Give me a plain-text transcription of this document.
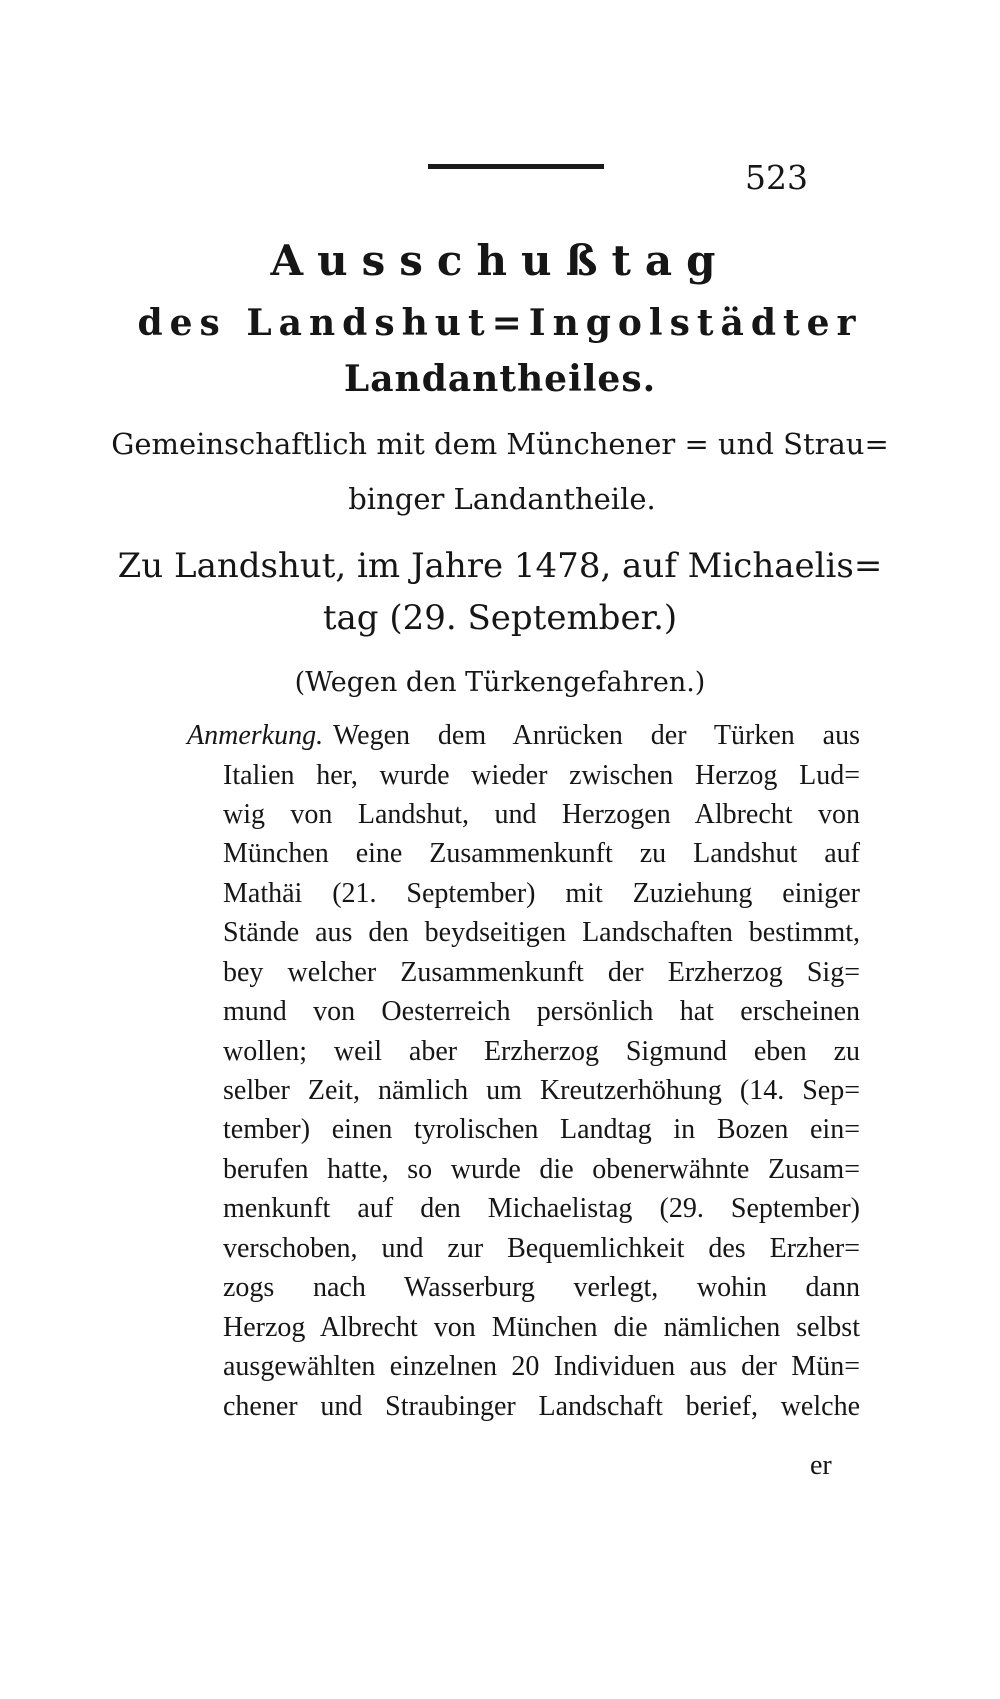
523
Ausschußtag
des Landshut=Ingolstädter
Landantheiles.
Gemeinschaftlich mit dem Münchener = und Strau=
binger Landantheile.
Zu Landshut, im Jahre 1478, auf Michaelis=
tag (29. September.)
(Wegen den Türkengefahren.)
Anmerkung. Wegen dem Anrücken der Türken aus
Italien her, wurde wieder zwischen Herzog Lud=
wig von Landshut, und Herzogen Albrecht von
München eine Zusammenkunft zu Landshut auf
Mathäi (21. September) mit Zuziehung einiger
Stände aus den beydseitigen Landschaften bestimmt,
bey welcher Zusammenkunft der Erzherzog Sig=
mund von Oesterreich persönlich hat erscheinen
wollen; weil aber Erzherzog Sigmund eben zu
selber Zeit, nämlich um Kreutzerhöhung (14. Sep=
tember) einen tyrolischen Landtag in Bozen ein=
berufen hatte, so wurde die obenerwähnte Zusam=
menkunft auf den Michaelistag (29. September)
verschoben, und zur Bequemlichkeit des Erzher=
zogs nach Wasserburg verlegt, wohin dann
Herzog Albrecht von München die nämlichen selbst
ausgewählten einzelnen 20 Individuen aus der Mün=
chener und Straubinger Landschaft berief, welche
er
